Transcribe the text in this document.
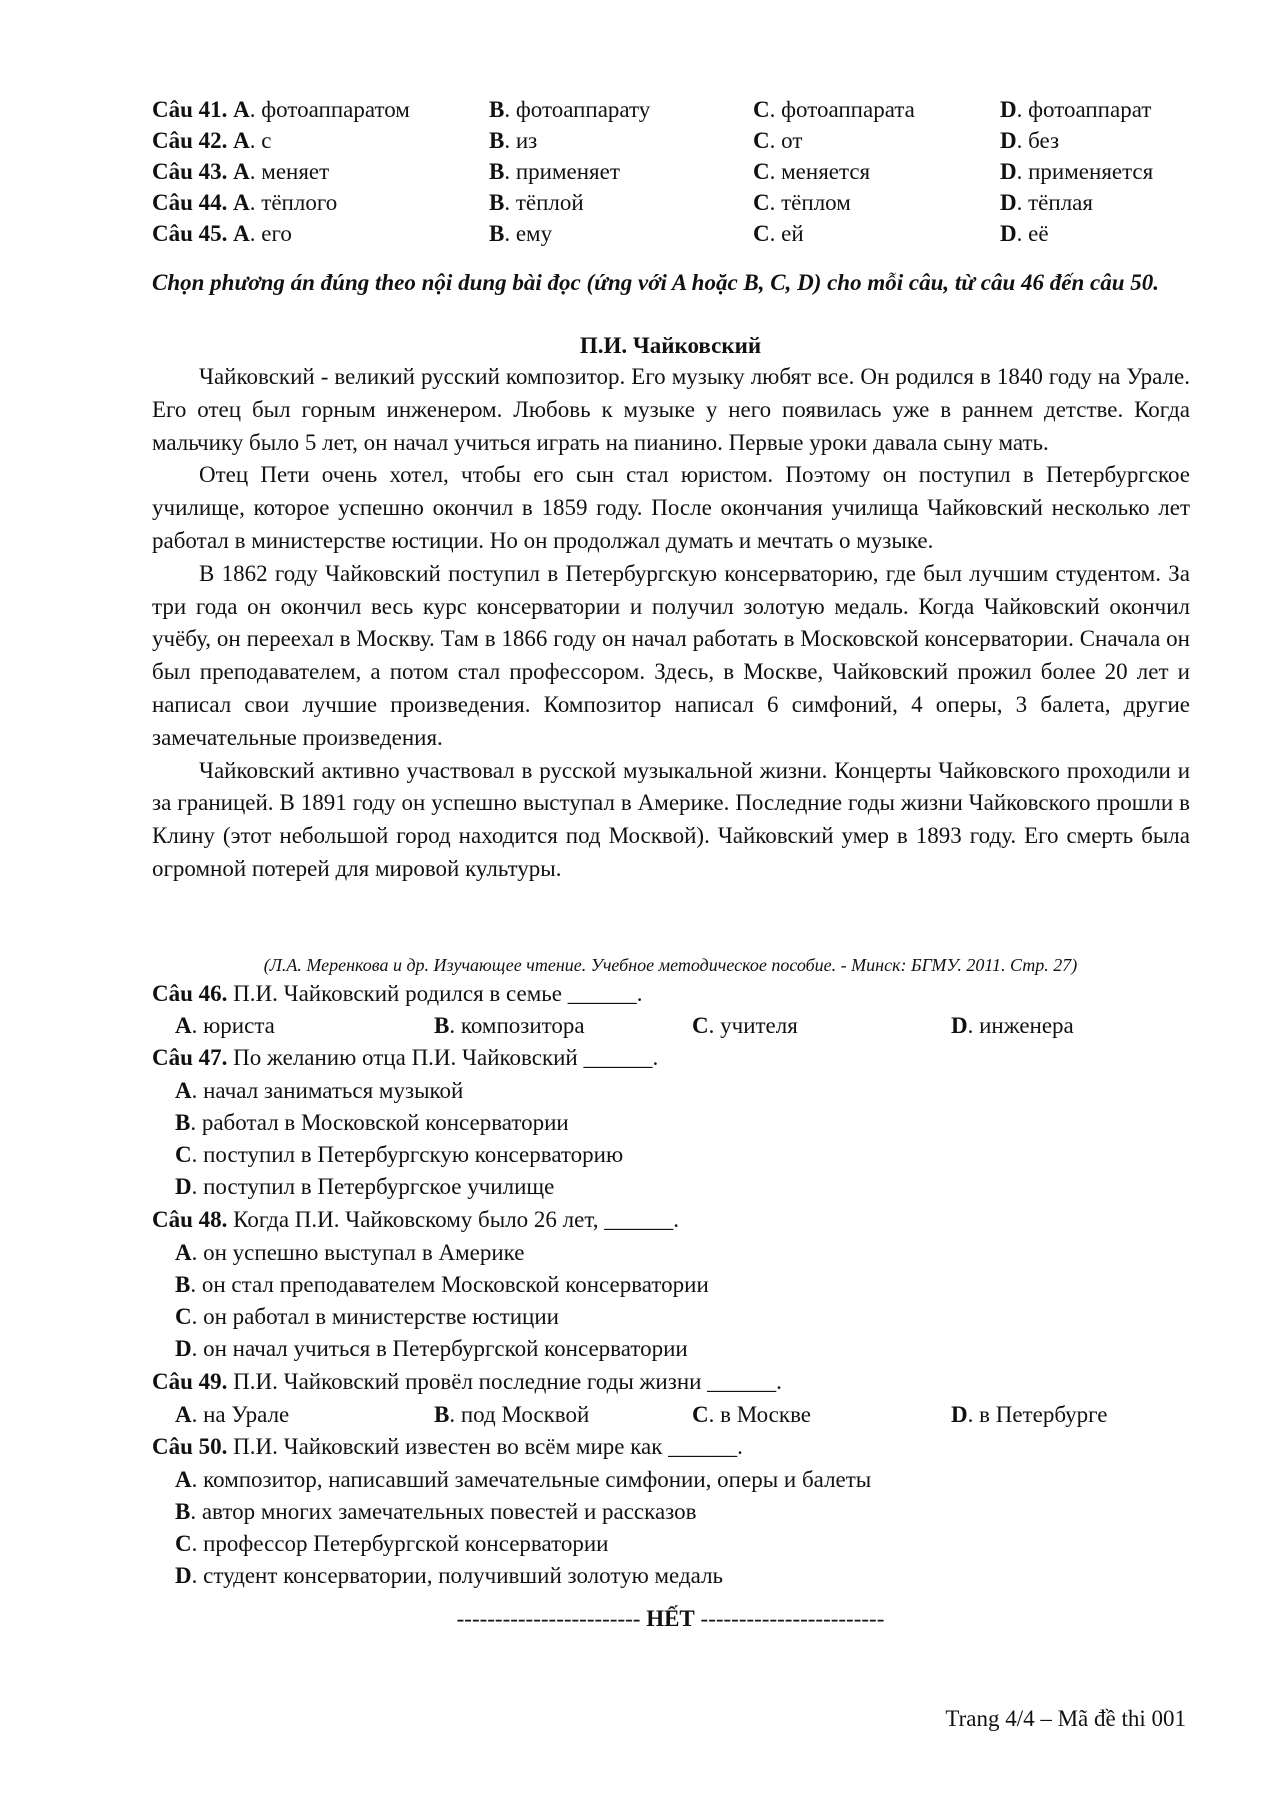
Câu 41. A. фотоаппаратом	B. фотоаппарату	C. фотоаппарата	D. фотоаппарат
Câu 42. A. с	B. из	C. от	D. без
Câu 43. A. меняет	B. применяет	C. меняется	D. применяется
Câu 44. A. тёплого	B. тёплой	C. тёплом	D. тёплая
Câu 45. A. его	B. ему	C. ей	D. её
Chọn phương án đúng theo nội dung bài đọc (ứng với A hoặc B, C, D) cho mỗi câu, từ câu 46 đến câu 50.
П.И. Чайковский

Чайковский - великий русский композитор. Его музыку любят все. Он родился в 1840 году на Урале. Его отец был горным инженером. Любовь к музыке у него появилась уже в раннем детстве. Когда мальчику было 5 лет, он начал учиться играть на пианино. Первые уроки давала сыну мать.

Отец Пети очень хотел, чтобы его сын стал юристом. Поэтому он поступил в Петербургское училище, которое успешно окончил в 1859 году. После окончания училища Чайковский несколько лет работал в министерстве юстиции. Но он продолжал думать и мечтать о музыке.

В 1862 году Чайковский поступил в Петербургскую консерваторию, где был лучшим студентом. За три года он окончил весь курс консерватории и получил золотую медаль. Когда Чайковский окончил учёбу, он переехал в Москву. Там в 1866 году он начал работать в Московской консерватории. Сначала он был преподавателем, а потом стал профессором. Здесь, в Москве, Чайковский прожил более 20 лет и написал свои лучшие произведения. Композитор написал 6 симфоний, 4 оперы, 3 балета, другие замечательные произведения.

Чайковский активно участвовал в русской музыкальной жизни. Концерты Чайковского проходили и за границей. В 1891 году он успешно выступал в Америке. Последние годы жизни Чайковского прошли в Клину (этот небольшой город находится под Москвой). Чайковский умер в 1893 году. Его смерть была огромной потерей для мировой культуры.

(Л.А. Меренкова и др. Изучающее чтение. Учебное методическое пособие. - Минск: БГМУ. 2011. Стр. 27)
Câu 46. П.И. Чайковский родился в семье ______.
A. юриста	B. композитора	C. учителя	D. инженера
Câu 47. По желанию отца П.И. Чайковский ______.
A. начал заниматься музыкой
B. работал в Московской консерватории
C. поступил в Петербургскую консерваторию
D. поступил в Петербургское училище
Câu 48. Когда П.И. Чайковскому было 26 лет, ______.
A. он успешно выступал в Америке
B. он стал преподавателем Московской консерватории
C. он работал в министерстве юстиции
D. он начал учиться в Петербургской консерватории
Câu 49. П.И. Чайковский провёл последние годы жизни ______.
A. на Урале	B. под Москвой	C. в Москве	D. в Петербурге
Câu 50. П.И. Чайковский известен во всём мире как ______.
A. композитор, написавший замечательные симфонии, оперы и балеты
B. автор многих замечательных повестей и рассказов
C. профессор Петербургской консерватории
D. студент консерватории, получивший золотую медаль
------------------------ HẾT ------------------------
Trang 4/4 – Mã đề thi 001
